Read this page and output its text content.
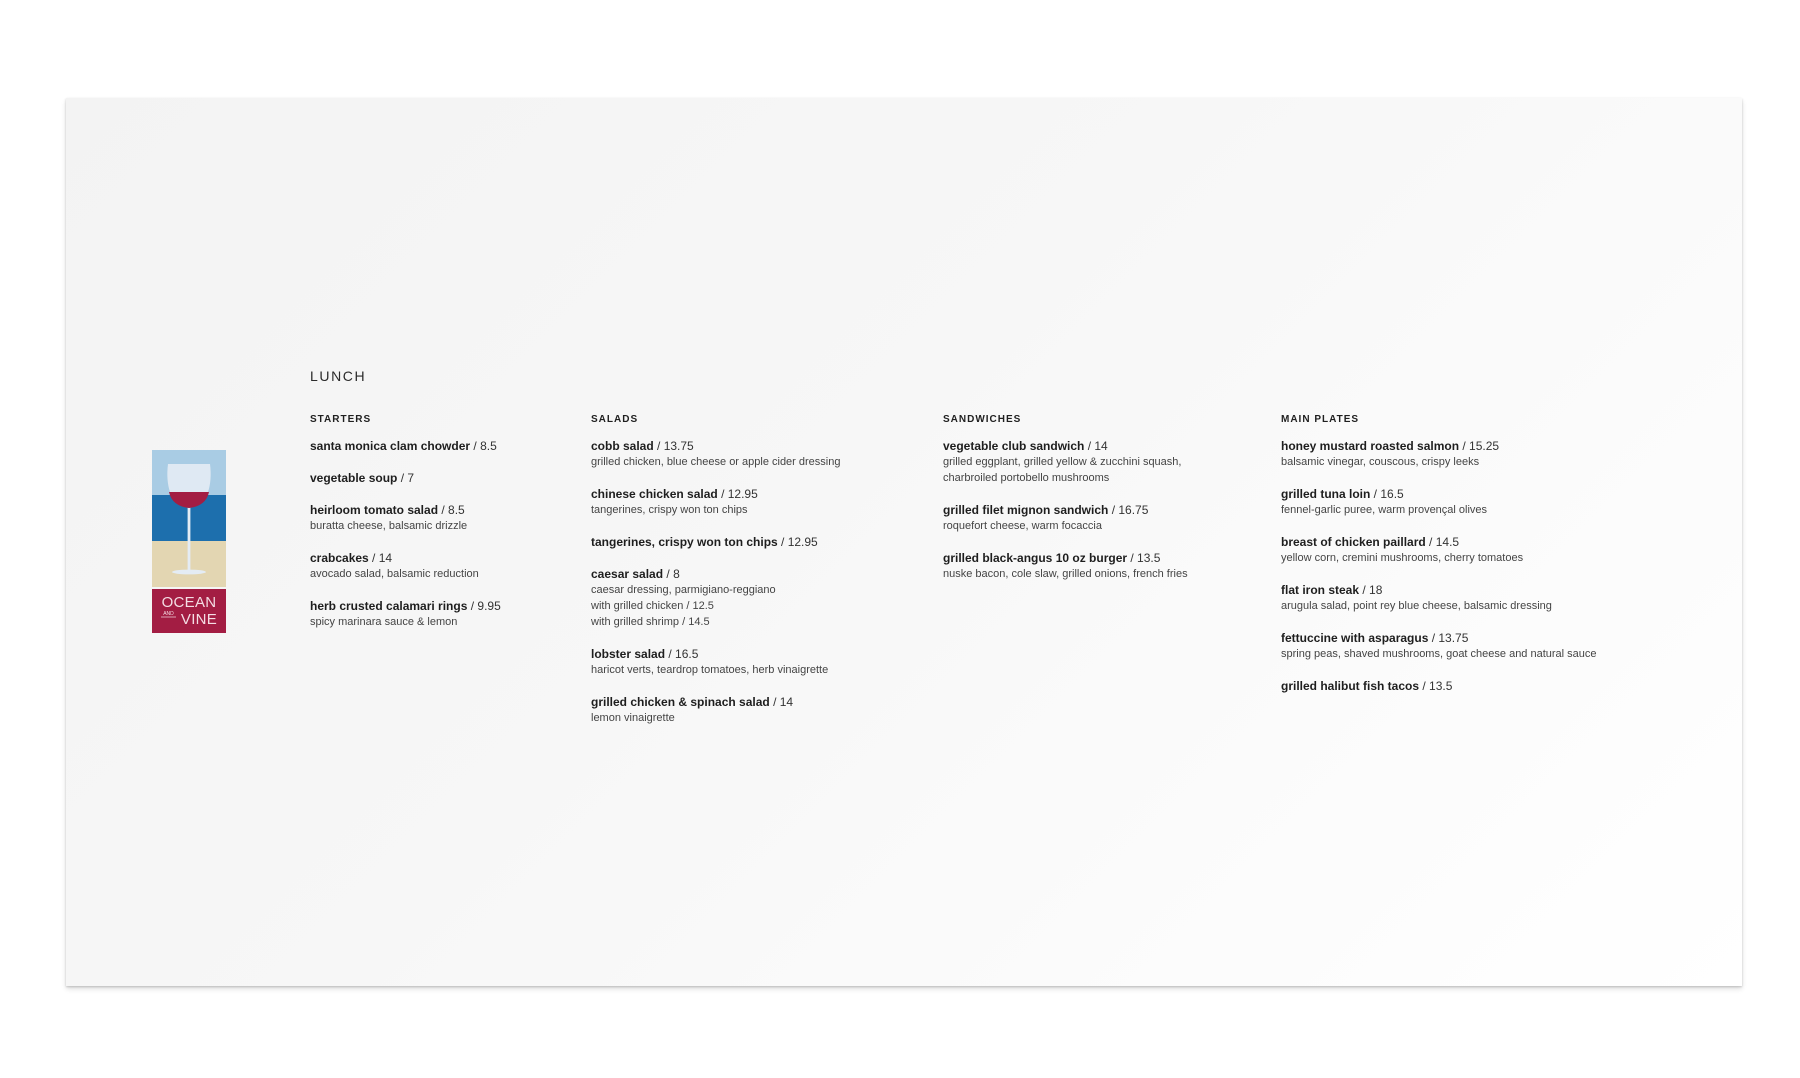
OCEAN
AND VINE
LUNCH
STARTERS
santa monica clam chowder / 8.5
vegetable soup / 7
heirloom tomato salad / 8.5
buratta cheese, balsamic drizzle
crabcakes / 14
avocado salad, balsamic reduction
herb crusted calamari rings / 9.95
spicy marinara sauce & lemon
SALADS
cobb salad / 13.75
grilled chicken, blue cheese or apple cider dressing
chinese chicken salad / 12.95
tangerines, crispy won ton chips
tangerines, crispy won ton chips / 12.95
caesar salad / 8
caesar dressing, parmigiano-reggiano
with grilled chicken / 12.5
with grilled shrimp / 14.5
lobster salad / 16.5
haricot verts, teardrop tomatoes, herb vinaigrette
grilled chicken & spinach salad / 14
lemon vinaigrette
SANDWICHES
vegetable club sandwich / 14
grilled eggplant, grilled yellow & zucchini squash,
charbroiled portobello mushrooms
grilled filet mignon sandwich / 16.75
roquefort cheese, warm focaccia
grilled black-angus 10 oz burger / 13.5
nuske bacon, cole slaw, grilled onions, french fries
MAIN PLATES
honey mustard roasted salmon / 15.25
balsamic vinegar, couscous, crispy leeks
grilled tuna loin / 16.5
fennel-garlic puree, warm provençal olives
breast of chicken paillard / 14.5
yellow corn, cremini mushrooms, cherry tomatoes
flat iron steak / 18
arugula salad, point rey blue cheese, balsamic dressing
fettuccine with asparagus / 13.75
spring peas, shaved mushrooms, goat cheese and natural sauce
grilled halibut fish tacos / 13.5
